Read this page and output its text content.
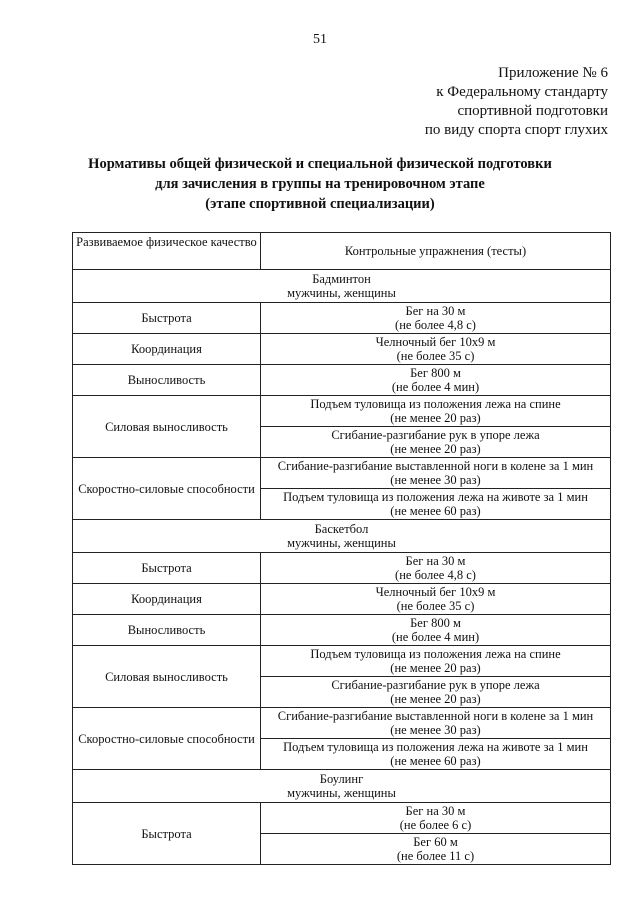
51
Приложение № 6
к Федеральному стандарту
спортивной подготовки
по виду спорта спорт глухих
Нормативы общей физической и специальной физической подготовки
для зачисления в группы на тренировочном этапе
(этапе спортивной специализации)
Развиваемое физическое качество	Контрольные упражнения (тесты)

Бадминтон
мужчины, женщины	

Быстрота	Бег на 30 м
(не более 4,8 с)

Координация	Челночный бег 10х9 м
(не более 35 с)

Выносливость	Бег 800 м
(не более 4 мин)

Силовая выносливость	Подъем туловища из положения лежа на спине
(не менее 20 раз)

	Сгибание-разгибание рук в упоре лежа
(не менее 20 раз)

Скоростно-силовые способности	Сгибание-разгибание выставленной ноги в колене за 1 мин
(не менее 30 раз)

	Подъем туловища из положения лежа на животе за 1 мин
(не менее 60 раз)

Баскетбол
мужчины, женщины	

Быстрота	Бег на 30 м
(не более 4,8 с)

Координация	Челночный бег 10х9 м
(не более 35 с)

Выносливость	Бег 800 м
(не более 4 мин)

Силовая выносливость	Подъем туловища из положения лежа на спине
(не менее 20 раз)

	Сгибание-разгибание рук в упоре лежа
(не менее 20 раз)

Скоростно-силовые способности	Сгибание-разгибание выставленной ноги в колене за 1 мин
(не менее 30 раз)

	Подъем туловища из положения лежа на животе за 1 мин
(не менее 60 раз)

Боулинг
мужчины, женщины	

Быстрота	Бег на 30 м
(не более 6 с)

	Бег 60 м
(не более 11 с)
